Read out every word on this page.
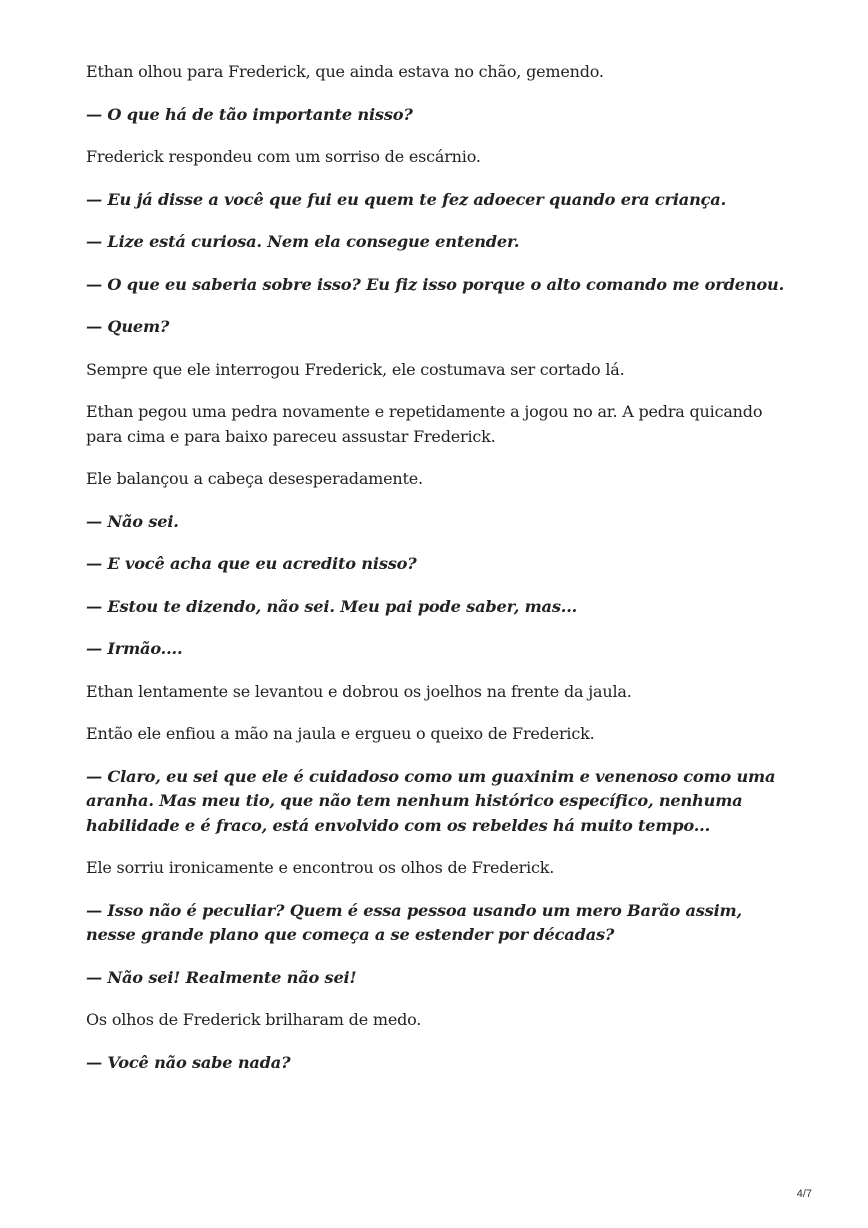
Ethan olhou para Frederick, que ainda estava no chão, gemendo.

— O que há de tão importante nisso?

Frederick respondeu com um sorriso de escárnio.

— Eu já disse a você que fui eu quem te fez adoecer quando era criança.

— Lize está curiosa. Nem ela consegue entender.

— O que eu saberia sobre isso? Eu fiz isso porque o alto comando me ordenou.

— Quem?

Sempre que ele interrogou Frederick, ele costumava ser cortado lá.

Ethan pegou uma pedra novamente e repetidamente a jogou no ar. A pedra quicando para cima e para baixo pareceu assustar Frederick.

Ele balançou a cabeça desesperadamente.

— Não sei.

— E você acha que eu acredito nisso?

— Estou te dizendo, não sei. Meu pai pode saber, mas...

— Irmão....

Ethan lentamente se levantou e dobrou os joelhos na frente da jaula.

Então ele enfiou a mão na jaula e ergueu o queixo de Frederick.

— Claro, eu sei que ele é cuidadoso como um guaxinim e venenoso como uma aranha. Mas meu tio, que não tem nenhum histórico específico, nenhuma habilidade e é fraco, está envolvido com os rebeldes há muito tempo...

Ele sorriu ironicamente e encontrou os olhos de Frederick.

— Isso não é peculiar? Quem é essa pessoa usando um mero Barão assim, nesse grande plano que começa a se estender por décadas?

— Não sei! Realmente não sei!

Os olhos de Frederick brilharam de medo.

— Você não sabe nada?

4/7
